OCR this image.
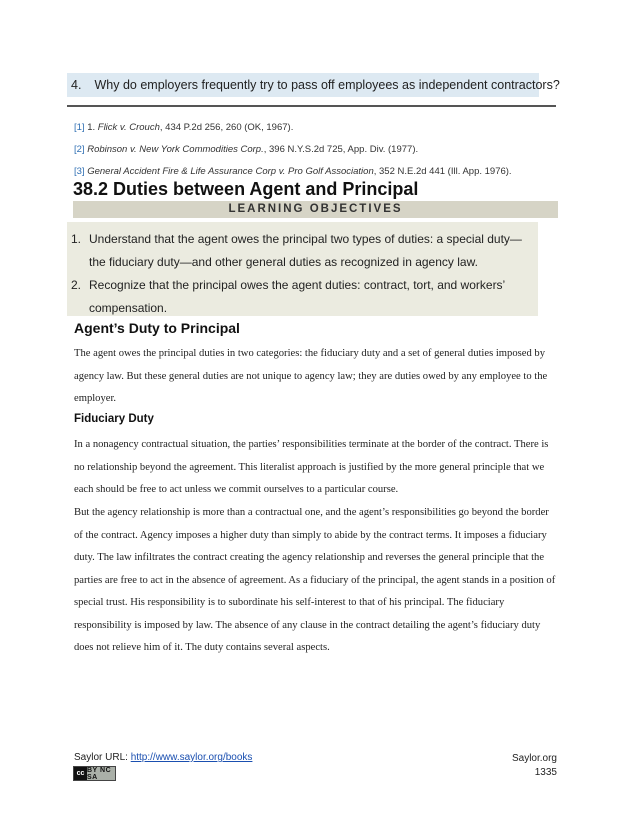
4. Why do employers frequently try to pass off employees as independent contractors?
[1] 1. Flick v. Crouch, 434 P.2d 256, 260 (OK, 1967).
[2] Robinson v. New York Commodities Corp., 396 N.Y.S.2d 725, App. Div. (1977).
[3] General Accident Fire & Life Assurance Corp v. Pro Golf Association, 352 N.E.2d 441 (Ill. App. 1976).
38.2 Duties between Agent and Principal
LEARNING OBJECTIVES
1. Understand that the agent owes the principal two types of duties: a special duty—the fiduciary duty—and other general duties as recognized in agency law.
2. Recognize that the principal owes the agent duties: contract, tort, and workers’ compensation.
Agent’s Duty to Principal

The agent owes the principal duties in two categories: the fiduciary duty and a set of general duties imposed by agency law. But these general duties are not unique to agency law; they are duties owed by any employee to the employer.

Fiduciary Duty

In a nonagency contractual situation, the parties’ responsibilities terminate at the border of the contract. There is no relationship beyond the agreement. This literalist approach is justified by the more general principle that we each should be free to act unless we commit ourselves to a particular course.

But the agency relationship is more than a contractual one, and the agent’s responsibilities go beyond the border of the contract. Agency imposes a higher duty than simply to abide by the contract terms. It imposes a fiduciary duty. The law infiltrates the contract creating the agency relationship and reverses the general principle that the parties are free to act in the absence of agreement. As a fiduciary of the principal, the agent stands in a position of special trust. His responsibility is to subordinate his self-interest to that of his principal. The fiduciary responsibility is imposed by law. The absence of any clause in the contract detailing the agent’s fiduciary duty does not relieve him of it. The duty contains several aspects.

Saylor URL: http://www.saylor.org/books
cc BY NC SA
Saylor.org
1335
